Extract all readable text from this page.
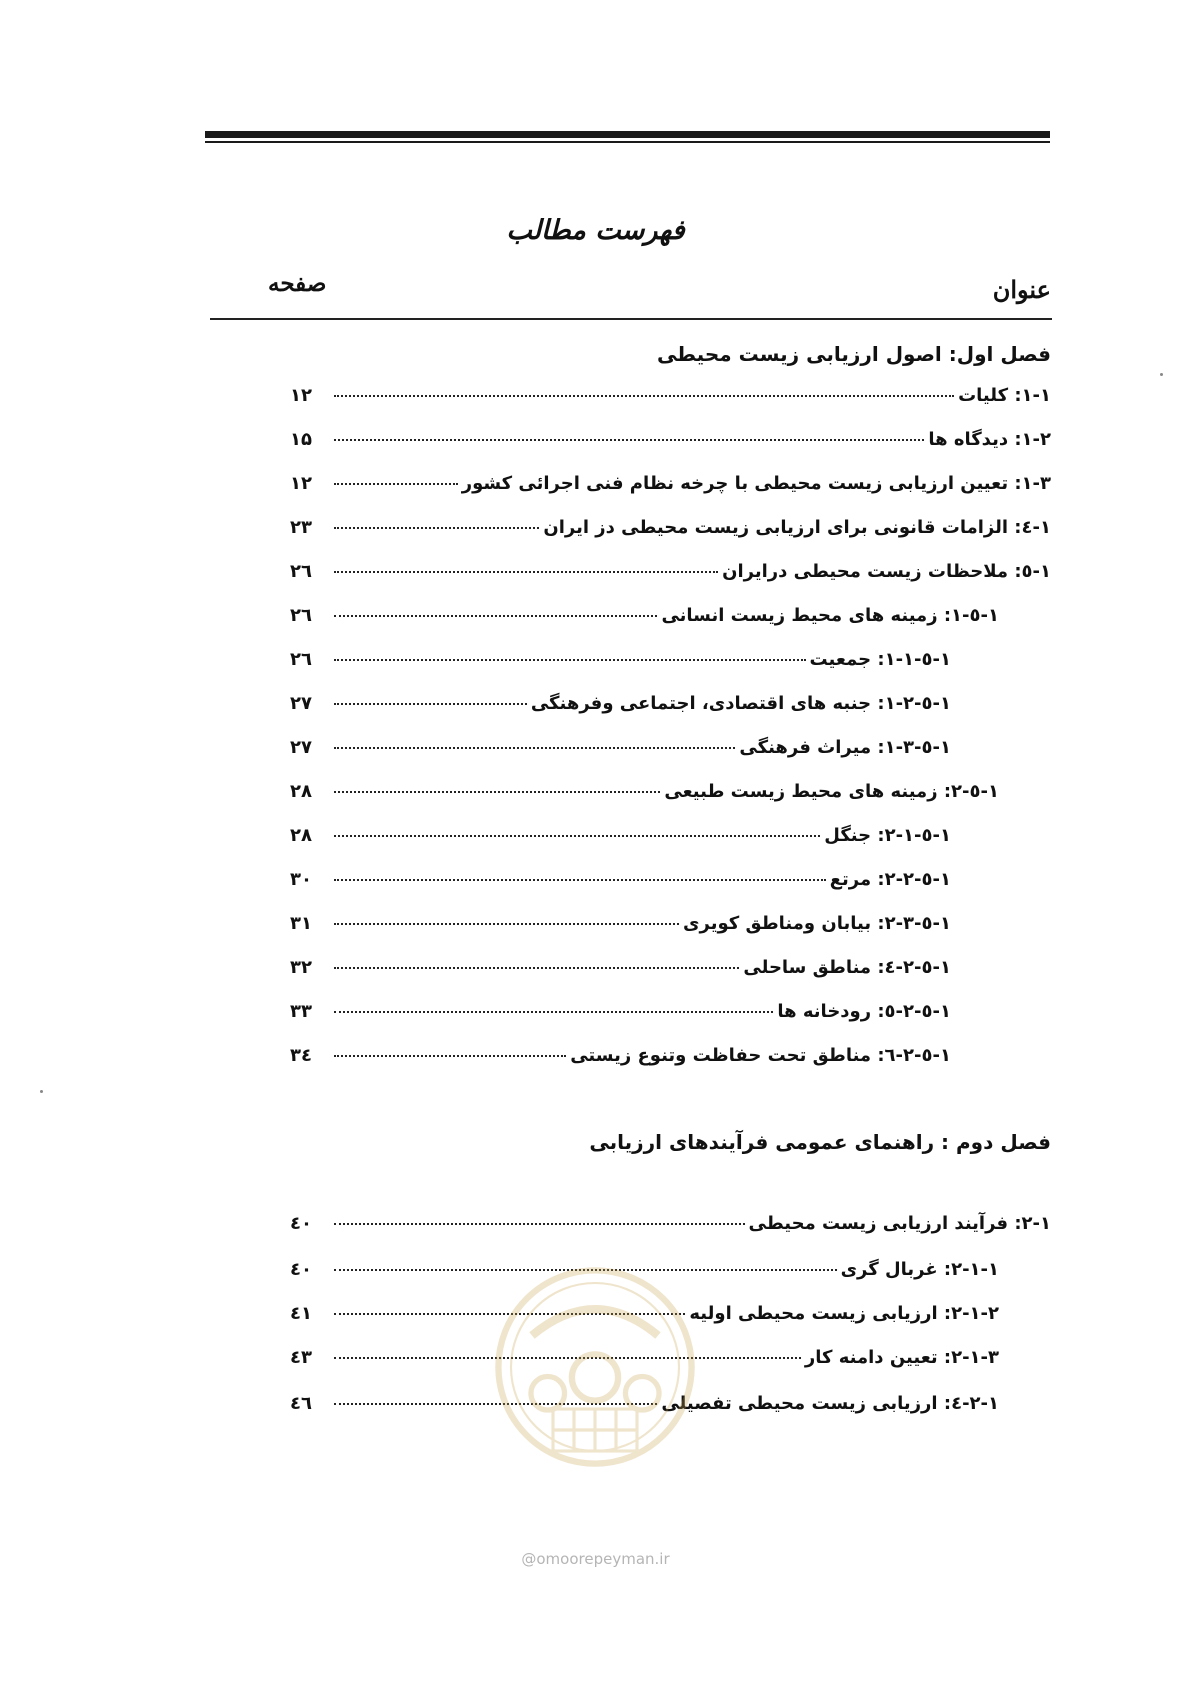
فهرست مطالب
عنوان
صفحه
فصل اول: اصول ارزیابی زیست محیطی
۱-۱: کلیات
۱۲
۱-۲: دیدگاه ها
۱۵
۱-۳: تعیین ارزیابی زیست محیطی با چرخه نظام فنی اجرائی کشور
۱۲
۱-٤: الزامات قانونی برای ارزیابی زیست محیطی دز ایران
۲۳
۱-٥: ملاحظات زیست محیطی درایران
۲٦
۱-٥-۱: زمینه های محیط زیست انسانی
۲٦
۱-٥-۱-۱: جمعیت
۲٦
۱-٥-۱-۲: جنبه های اقتصادی، اجتماعی وفرهنگی
۲۷
۱-٥-۱-۳: میراث فرهنگی
۲۷
۱-٥-۲: زمینه های محیط زیست طبیعی
۲۸
۱-٥-۲-۱: جنگل
۲۸
۱-٥-۲-۲: مرتع
۳۰
۱-٥-۲-۳: بیابان ومناطق کویری
۳۱
۱-٥-۲-٤: مناطق ساحلی
۳۲
۱-٥-۲-٥: رودخانه ها
۳۳
۱-٥-۲-٦: مناطق تحت حفاظت وتنوع زیستی
۳٤
فصل دوم : راهنمای عمومی فرآیندهای ارزیابی
۲-۱: فرآیند ارزیابی زیست محیطی
٤۰
۲-۱-۱: غربال گری
٤۰
۲-۱-۲: ارزیابی زیست محیطی اولیه
٤۱
۲-۱-۳: تعیین دامنه کار
٤۳
۲-۱-٤: ارزیابی زیست محیطی تفصیلی
٤٦
@omoorepeyman.ir
